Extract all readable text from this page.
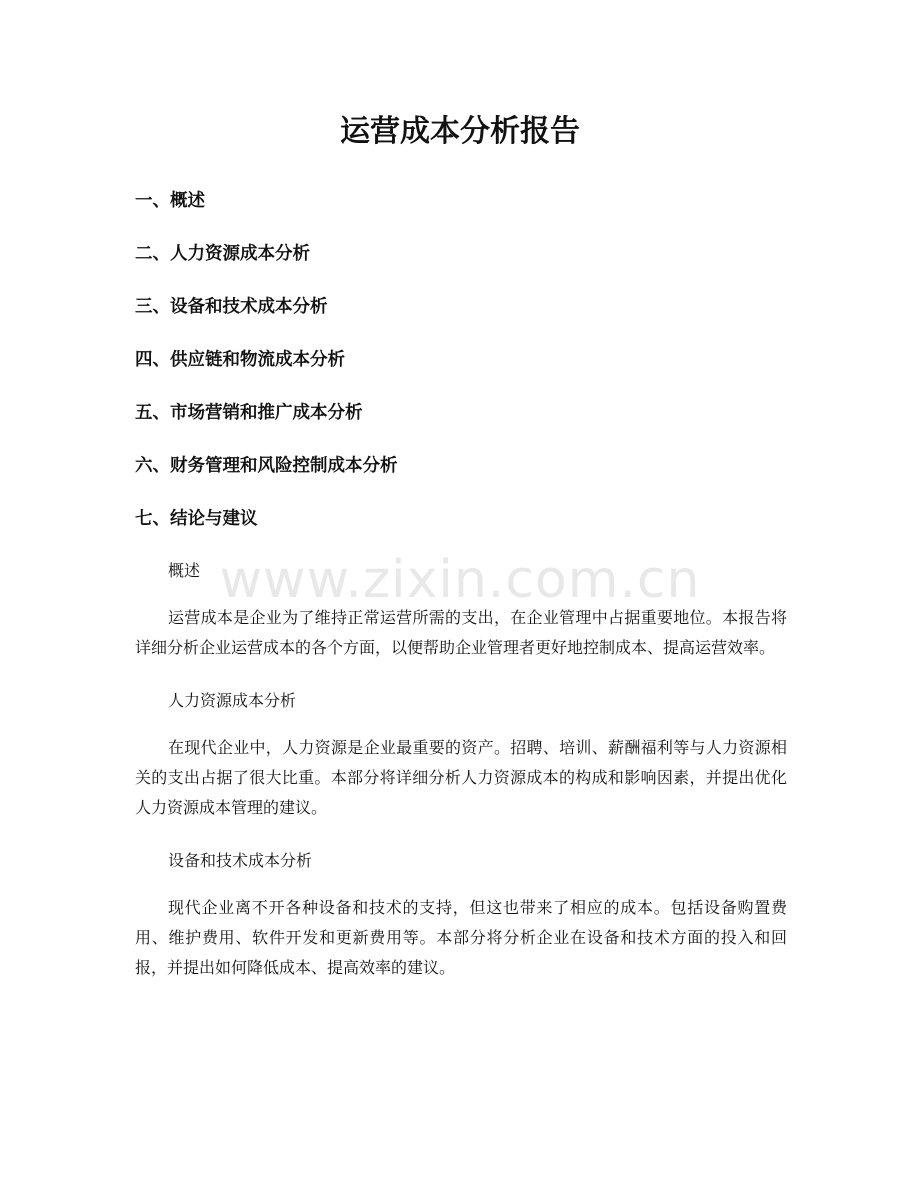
运营成本分析报告
一、概述
二、人力资源成本分析
三、设备和技术成本分析
四、供应链和物流成本分析
五、市场营销和推广成本分析
六、财务管理和风险控制成本分析
七、结论与建议
www.zixin.com.cn

概述

运营成本是企业为了维持正常运营所需的支出，在企业管理中占据重要地位。本报告将详细分析企业运营成本的各个方面，以便帮助企业管理者更好地控制成本、提高运营效率。

人力资源成本分析

在现代企业中，人力资源是企业最重要的资产。招聘、培训、薪酬福利等与人力资源相关的支出占据了很大比重。本部分将详细分析人力资源成本的构成和影响因素，并提出优化人力资源成本管理的建议。

设备和技术成本分析

现代企业离不开各种设备和技术的支持，但这也带来了相应的成本。包括设备购置费用、维护费用、软件开发和更新费用等。本部分将分析企业在设备和技术方面的投入和回报，并提出如何降低成本、提高效率的建议。
